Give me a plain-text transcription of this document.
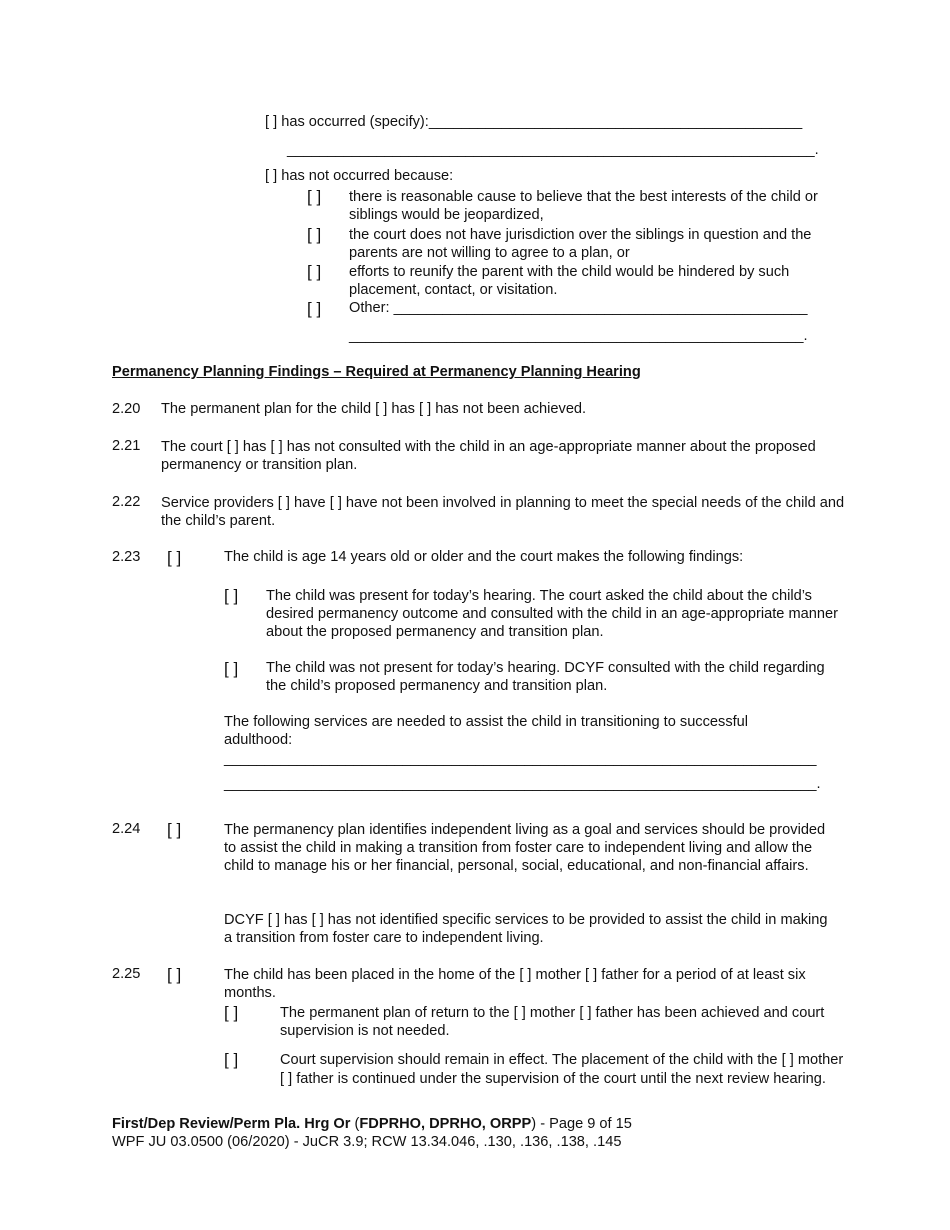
[ ] has occurred (specify):______________________________________________
_________________________________________________________________.
[ ] has not occurred because:
[ ] there is reasonable cause to believe that the best interests of the child or siblings would be jeopardized,
[ ] the court does not have jurisdiction over the siblings in question and the parents are not willing to agree to a plan, or
[ ] efforts to reunify the parent with the child would be hindered by such placement, contact, or visitation.
[ ] Other: ___________________________________________________
________________________________________________________.
Permanency Planning Findings – Required at Permanency Planning Hearing
2.20 The permanent plan for the child [ ] has [ ] has not been achieved.
2.21 The court [ ] has [ ] has not consulted with the child in an age-appropriate manner about the proposed permanency or transition plan.
2.22 Service providers [ ] have [ ] have not been involved in planning to meet the special needs of the child and the child’s parent.
2.23 [ ]	The child is age 14 years old or older and the court makes the following findings:
[ ] The child was present for today’s hearing. The court asked the child about the child’s desired permanency outcome and consulted with the child in an age-appropriate manner about the proposed permanency and transition plan.
[ ] The child was not present for today’s hearing. DCYF consulted with the child regarding the child’s proposed permanency and transition plan.
The following services are needed to assist the child in transitioning to successful adulthood:
_________________________________________________________________________
_________________________________________________________________________.
2.24 [ ]	The permanency plan identifies independent living as a goal and services should be provided to assist the child in making a transition from foster care to independent living and allow the child to manage his or her financial, personal, social, educational, and non-financial affairs.
DCYF [ ] has [ ] has not identified specific services to be provided to assist the child in making a transition from foster care to independent living.
2.25 [ ]	The child has been placed in the home of the [ ] mother [ ] father for a period of at least six months.
[ ]	The permanent plan of return to the [ ] mother [ ] father has been achieved and court supervision is not needed.
[ ]	Court supervision should remain in effect. The placement of the child with the [ ] mother [ ] father is continued under the supervision of the court until the next review hearing.
First/Dep Review/Perm Pla. Hrg Or (FDPRHO, DPRHO, ORPP) - Page 9 of 15
WPF JU 03.0500 (06/2020) - JuCR 3.9; RCW 13.34.046, .130, .136, .138, .145
